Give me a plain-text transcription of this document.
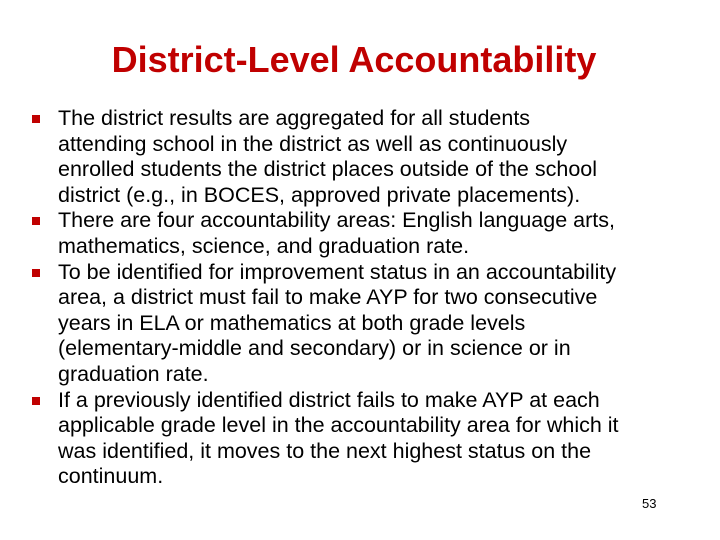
District-Level Accountability
The district results are aggregated for all students
attending school in the district as well as continuously
enrolled students the district places outside of the school
district (e.g., in BOCES, approved private placements).
There are four accountability areas: English language arts,
mathematics, science, and graduation rate.
To be identified for improvement status in an accountability
area, a district must fail to make AYP for two consecutive
years in ELA or mathematics at both grade levels
(elementary-middle and secondary) or in science or in
graduation rate.
If a previously identified district fails to make AYP at each
applicable grade level in the accountability area for which it
was identified, it moves to the next highest status on the
continuum.
53
